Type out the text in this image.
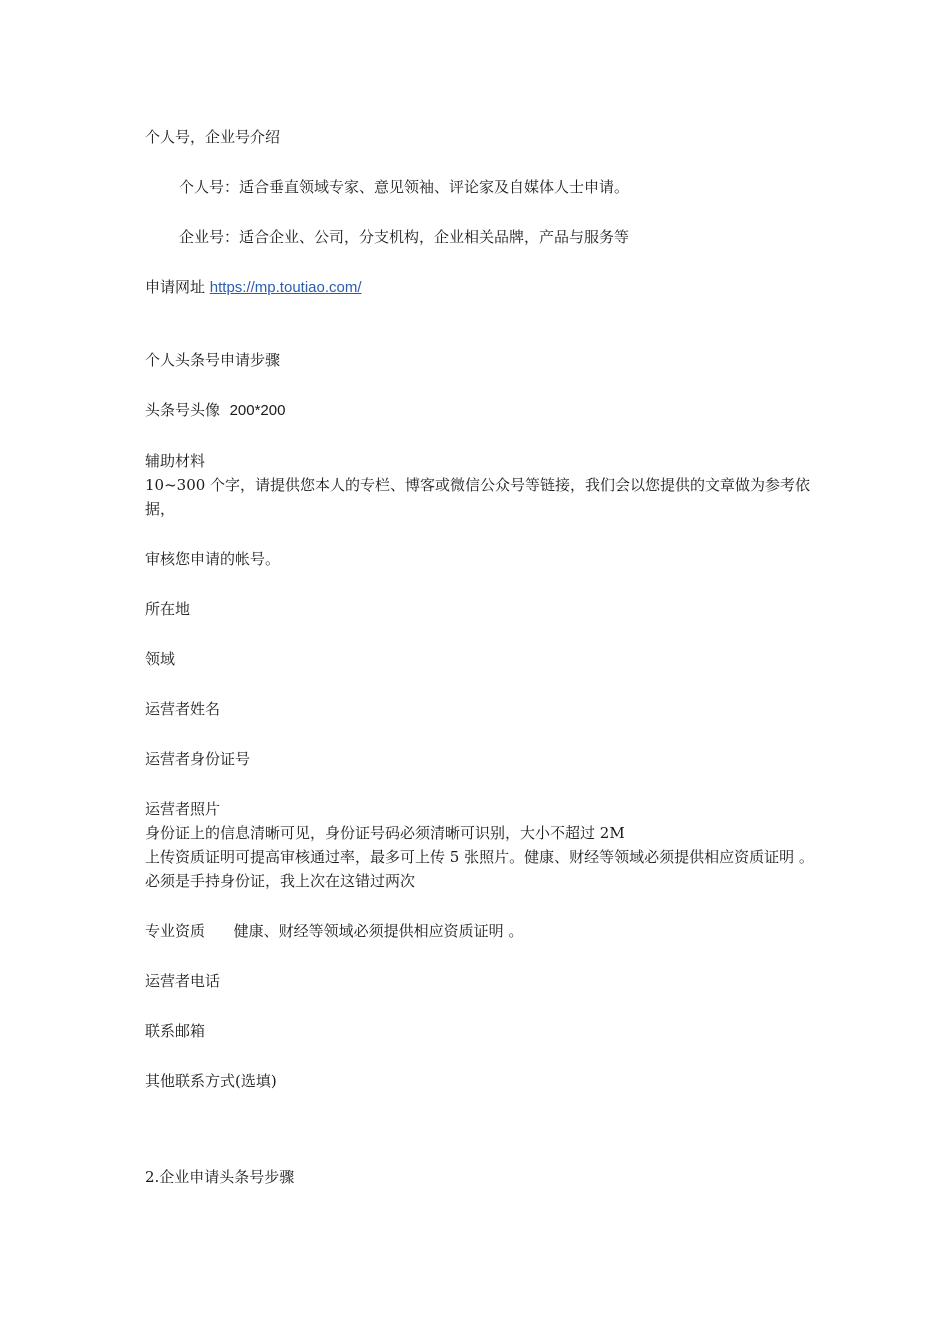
个人号，企业号介绍
个人号：适合垂直领域专家、意见领袖、评论家及自媒体人士申请。
企业号：适合企业、公司，分支机构，企业相关品牌，产品与服务等
申请网址 https://mp.toutiao.com/
个人头条号申请步骤
头条号头像 200*200
辅助材料
10~300 个字，请提供您本人的专栏、博客或微信公众号等链接，我们会以您提供的文章做为参考依据，
审核您申请的帐号。
所在地
领域
运营者姓名
运营者身份证号
运营者照片
身份证上的信息清晰可见，身份证号码必须清晰可识别，大小不超过 2M
上传资质证明可提高审核通过率，最多可上传 5 张照片。健康、财经等领域必须提供相应资质证明 。
必须是手持身份证，我上次在这错过两次
专业资质 健康、财经等领域必须提供相应资质证明 。
运营者电话
联系邮箱
其他联系方式(选填)
2.企业申请头条号步骤
